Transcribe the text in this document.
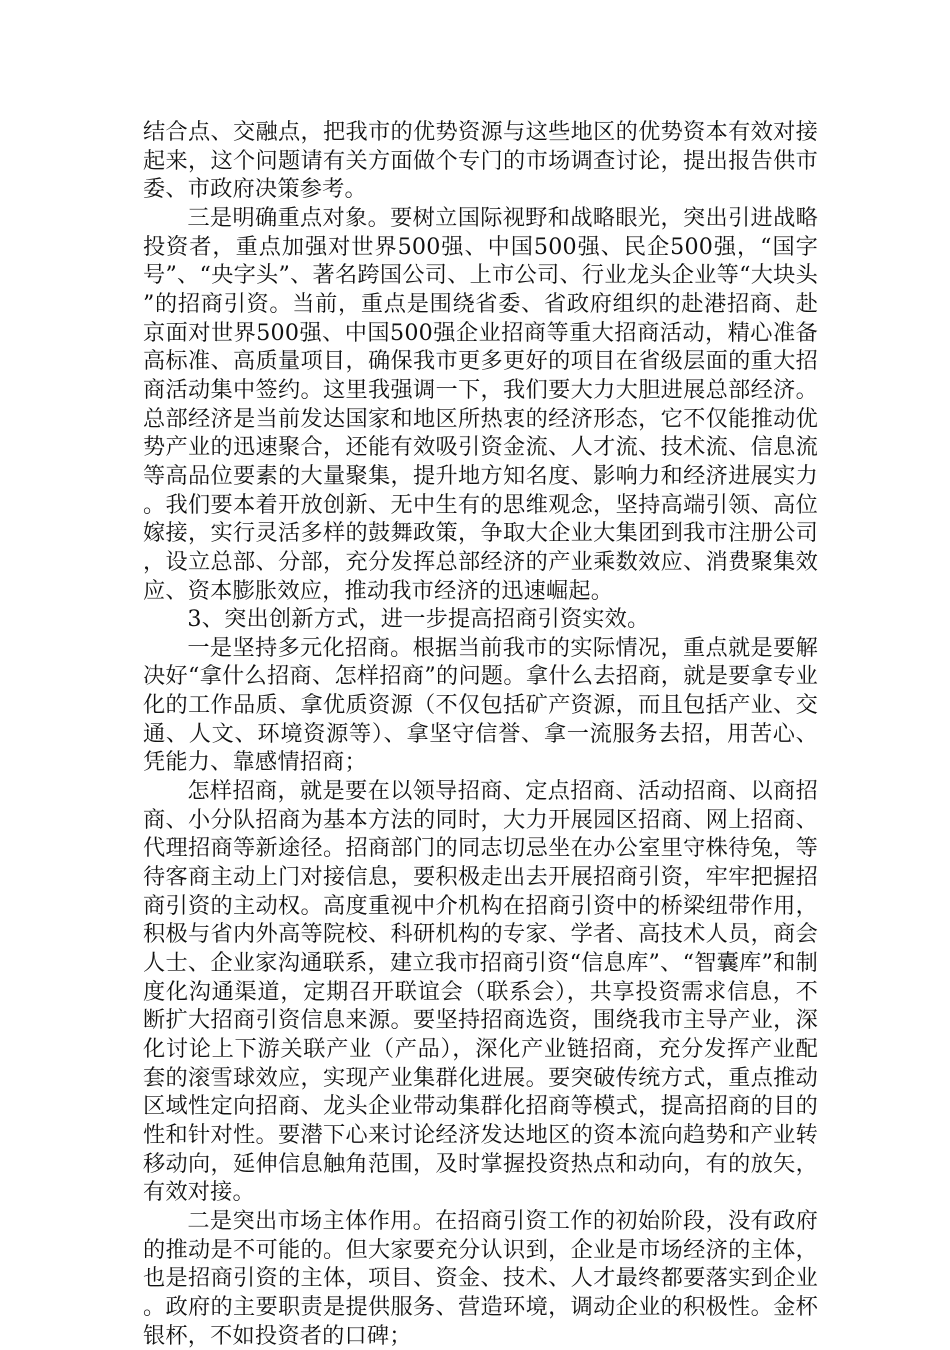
结合点、交融点，把我市的优势资源与这些地区的优势资本有效对接起来，这个问题请有关方面做个专门的市场调查讨论，提出报告供市委、市政府决策参考。

三是明确重点对象。要树立国际视野和战略眼光，突出引进战略投资者，重点加强对世界500强、中国500强、民企500强，“国字号”、“央字头”、著名跨国公司、上市公司、行业龙头企业等“大块头”的招商引资。当前，重点是围绕省委、省政府组织的赴港招商、赴京面对世界500强、中国500强企业招商等重大招商活动，精心准备高标准、高质量项目，确保我市更多更好的项目在省级层面的重大招商活动集中签约。这里我强调一下，我们要大力大胆进展总部经济。总部经济是当前发达国家和地区所热衷的经济形态，它不仅能推动优势产业的迅速聚合，还能有效吸引资金流、人才流、技术流、信息流等高品位要素的大量聚集，提升地方知名度、影响力和经济进展实力。我们要本着开放创新、无中生有的思维观念，坚持高端引领、高位嫁接，实行灵活多样的鼓舞政策，争取大企业大集团到我市注册公司，设立总部、分部，充分发挥总部经济的产业乘数效应、消费聚集效应、资本膨胀效应，推动我市经济的迅速崛起。

3、突出创新方式，进一步提高招商引资实效。

一是坚持多元化招商。根据当前我市的实际情况，重点就是要解决好“拿什么招商、怎样招商”的问题。拿什么去招商，就是要拿专业化的工作品质、拿优质资源（不仅包括矿产资源，而且包括产业、交通、人文、环境资源等）、拿坚守信誉、拿一流服务去招，用苦心、凭能力、靠感情招商；

怎样招商，就是要在以领导招商、定点招商、活动招商、以商招商、小分队招商为基本方法的同时，大力开展园区招商、网上招商、代理招商等新途径。招商部门的同志切忌坐在办公室里守株待兔，等待客商主动上门对接信息，要积极走出去开展招商引资，牢牢把握招商引资的主动权。高度重视中介机构在招商引资中的桥梁纽带作用，积极与省内外高等院校、科研机构的专家、学者、高技术人员，商会人士、企业家沟通联系，建立我市招商引资“信息库”、“智囊库”和制度化沟通渠道，定期召开联谊会（联系会），共享投资需求信息，不断扩大招商引资信息来源。要坚持招商选资，围绕我市主导产业，深化讨论上下游关联产业（产品），深化产业链招商，充分发挥产业配套的滚雪球效应，实现产业集群化进展。要突破传统方式，重点推动区域性定向招商、龙头企业带动集群化招商等模式，提高招商的目的性和针对性。要潜下心来讨论经济发达地区的资本流向趋势和产业转移动向，延伸信息触角范围，及时掌握投资热点和动向，有的放矢，有效对接。

二是突出市场主体作用。在招商引资工作的初始阶段，没有政府的推动是不可能的。但大家要充分认识到，企业是市场经济的主体，也是招商引资的主体，项目、资金、技术、人才最终都要落实到企业。政府的主要职责是提供服务、营造环境，调动企业的积极性。金杯银杯，不如投资者的口碑；
